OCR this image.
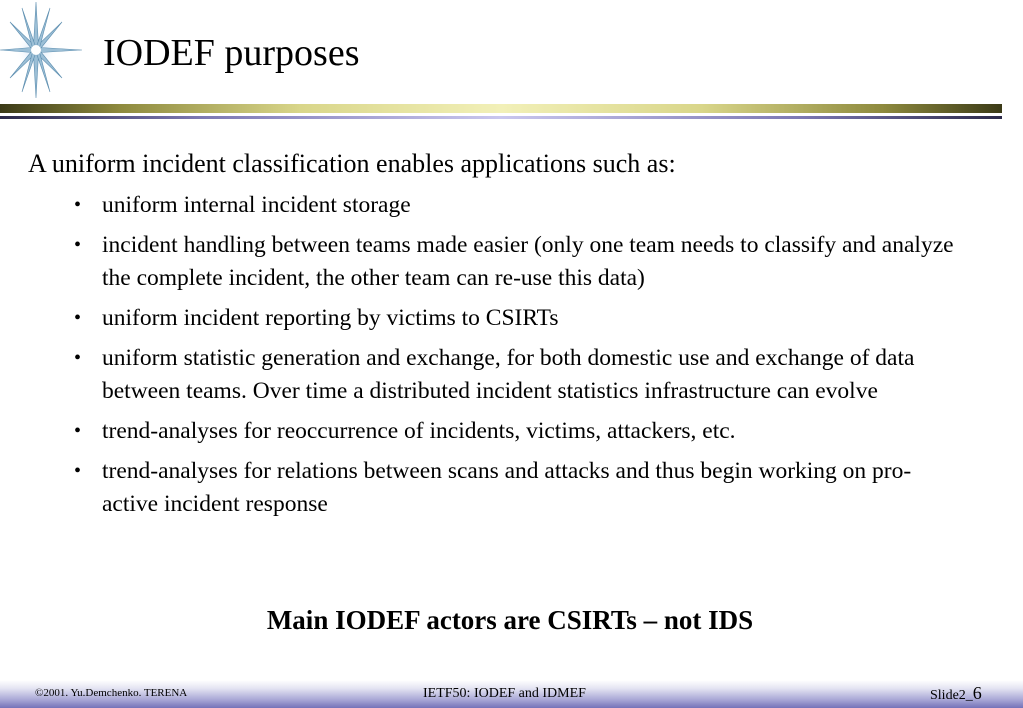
IODEF purposes
A uniform incident classification enables applications such as:
• uniform internal incident storage
• incident handling between teams made easier (only one team needs to classify and analyze the complete incident, the other team can re-use this data)
• uniform incident reporting by victims to CSIRTs
• uniform statistic generation and exchange, for both domestic use and exchange of data between teams. Over time a distributed incident statistics infrastructure can evolve
• trend-analyses for reoccurrence of incidents, victims, attackers, etc.
• trend-analyses for relations between scans and attacks and thus begin working on pro-active incident response
Main IODEF actors are CSIRTs – not IDS
©2001. Yu.Demchenko. TERENA	IETF50: IODEF and IDMEF	Slide2_6
